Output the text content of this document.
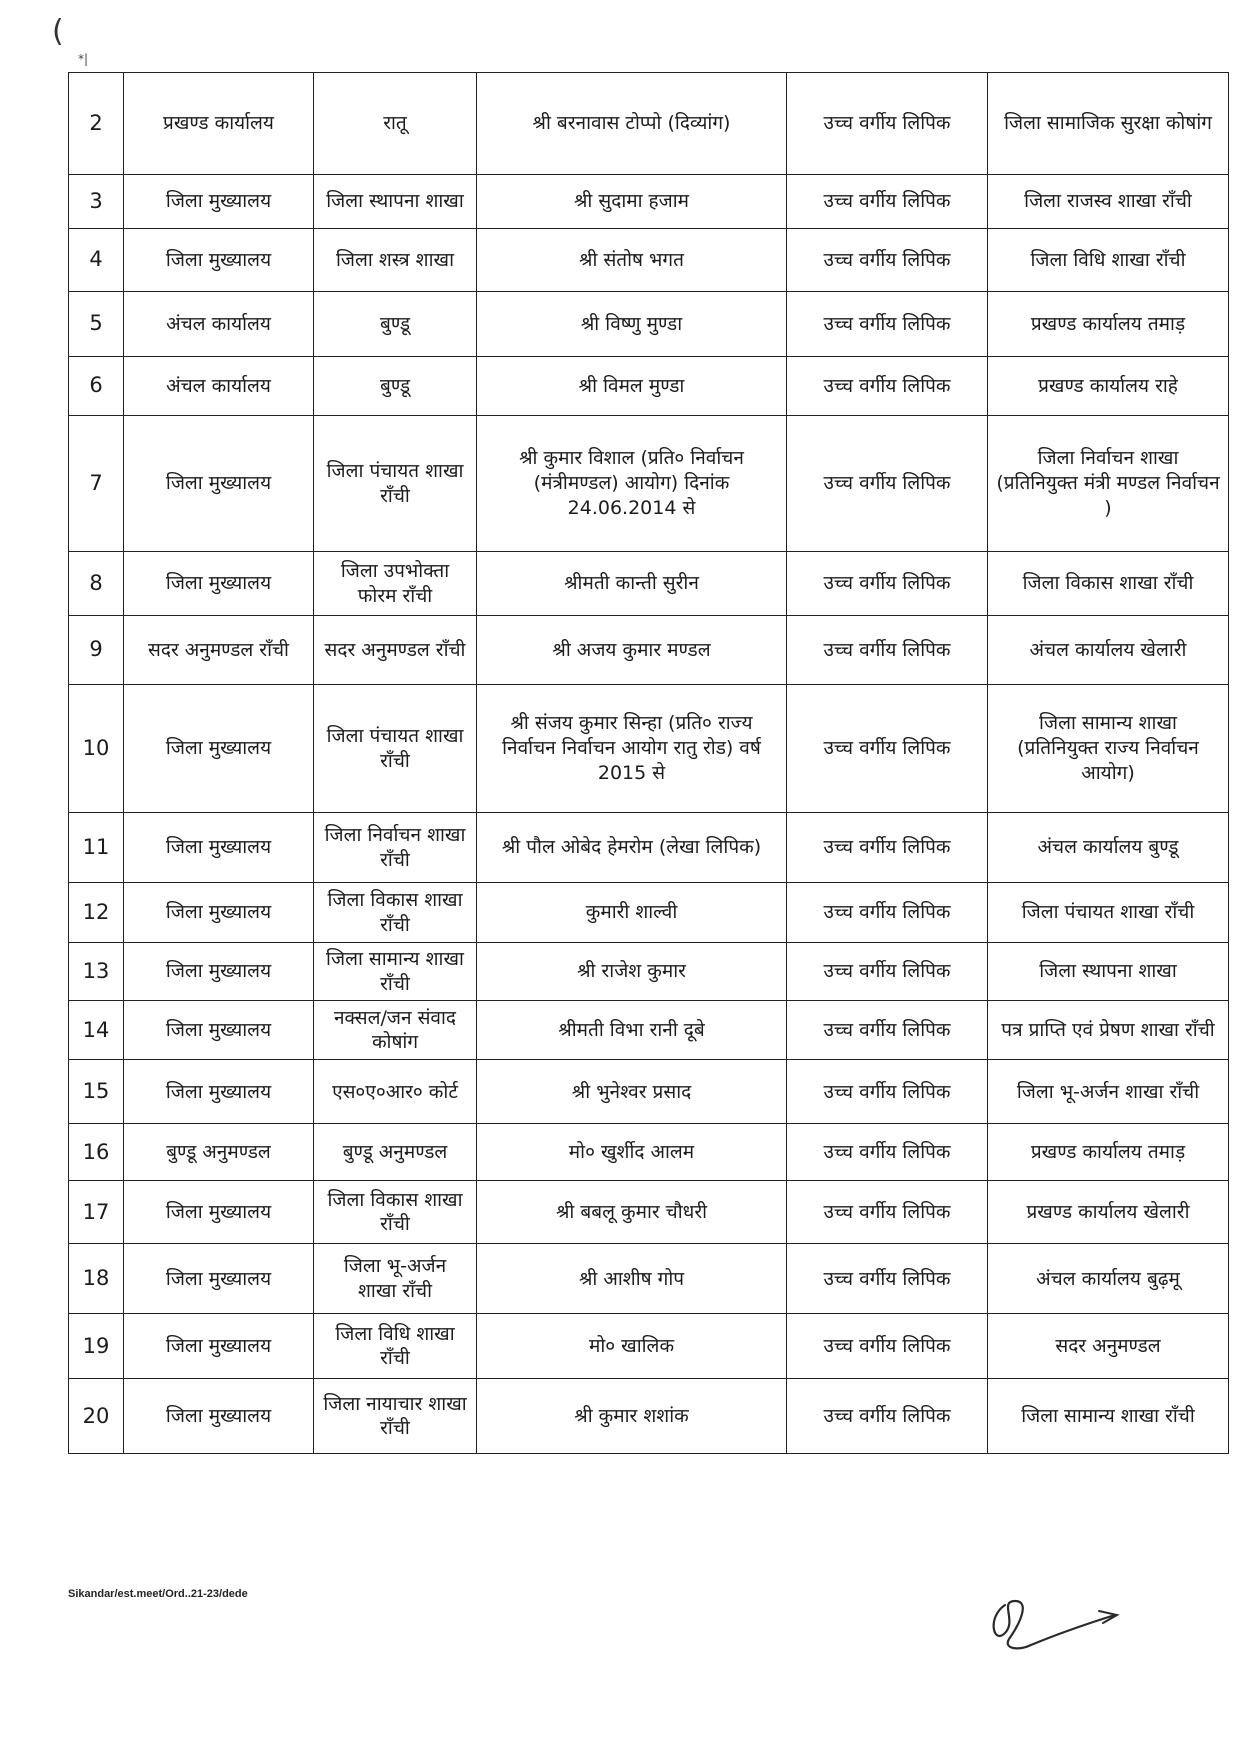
(
*|
2	प्रखण्ड कार्यालय	रातू	श्री बरनावास टोप्पो (दिव्यांग)	उच्च वर्गीय लिपिक	जिला सामाजिक सुरक्षा कोषांग
3	जिला मुख्यालय	जिला स्थापना शाखा	श्री सुदामा हजाम	उच्च वर्गीय लिपिक	जिला राजस्व शाखा राँची
4	जिला मुख्यालय	जिला शस्त्र शाखा	श्री संतोष भगत	उच्च वर्गीय लिपिक	जिला विधि शाखा राँची
5	अंचल कार्यालय	बुण्डू	श्री विष्णु मुण्डा	उच्च वर्गीय लिपिक	प्रखण्ड कार्यालय तमाड़
6	अंचल कार्यालय	बुण्डू	श्री विमल मुण्डा	उच्च वर्गीय लिपिक	प्रखण्ड कार्यालय राहे
7	जिला मुख्यालय	जिला पंचायत शाखा राँची	श्री कुमार विशाल (प्रति० निर्वाचन (मंत्रीमण्डल) आयोग) दिनांक 24.06.2014 से	उच्च वर्गीय लिपिक	जिला निर्वाचन शाखा (प्रतिनियुक्त मंत्री मण्डल निर्वाचन )
8	जिला मुख्यालय	जिला उपभोक्ता फोरम राँची	श्रीमती कान्ती सुरीन	उच्च वर्गीय लिपिक	जिला विकास शाखा राँची
9	सदर अनुमण्डल राँची	सदर अनुमण्डल राँची	श्री अजय कुमार मण्डल	उच्च वर्गीय लिपिक	अंचल कार्यालय खेलारी
10	जिला मुख्यालय	जिला पंचायत शाखा राँची	श्री संजय कुमार सिन्हा (प्रति० राज्य निर्वाचन निर्वाचन आयोग रातु रोड) वर्ष 2015 से	उच्च वर्गीय लिपिक	जिला सामान्य शाखा (प्रतिनियुक्त राज्य निर्वाचन आयोग)
11	जिला मुख्यालय	जिला निर्वाचन शाखा राँची	श्री पौल ओबेद हेमरोम (लेखा लिपिक)	उच्च वर्गीय लिपिक	अंचल कार्यालय बुण्डू
12	जिला मुख्यालय	जिला विकास शाखा राँची	कुमारी शाल्वी	उच्च वर्गीय लिपिक	जिला पंचायत शाखा राँची
13	जिला मुख्यालय	जिला सामान्य शाखा राँची	श्री राजेश कुमार	उच्च वर्गीय लिपिक	जिला स्थापना शाखा
14	जिला मुख्यालय	नक्सल/जन संवाद कोषांग	श्रीमती विभा रानी दूबे	उच्च वर्गीय लिपिक	पत्र प्राप्ति एवं प्रेषण शाखा राँची
15	जिला मुख्यालय	एस०ए०आर० कोर्ट	श्री भुनेश्वर प्रसाद	उच्च वर्गीय लिपिक	जिला भू-अर्जन शाखा राँची
16	बुण्डू अनुमण्डल	बुण्डू अनुमण्डल	मो० खुर्शीद आलम	उच्च वर्गीय लिपिक	प्रखण्ड कार्यालय तमाड़
17	जिला मुख्यालय	जिला विकास शाखा राँची	श्री बबलू कुमार चौधरी	उच्च वर्गीय लिपिक	प्रखण्ड कार्यालय खेलारी
18	जिला मुख्यालय	जिला भू-अर्जन शाखा राँची	श्री आशीष गोप	उच्च वर्गीय लिपिक	अंचल कार्यालय बुढ़मू
19	जिला मुख्यालय	जिला विधि शाखा राँची	मो० खालिक	उच्च वर्गीय लिपिक	सदर अनुमण्डल
20	जिला मुख्यालय	जिला नायाचार शाखा राँची	श्री कुमार शशांक	उच्च वर्गीय लिपिक	जिला सामान्य शाखा राँची
Sikandar/est.meet/Ord..21-23/dede
